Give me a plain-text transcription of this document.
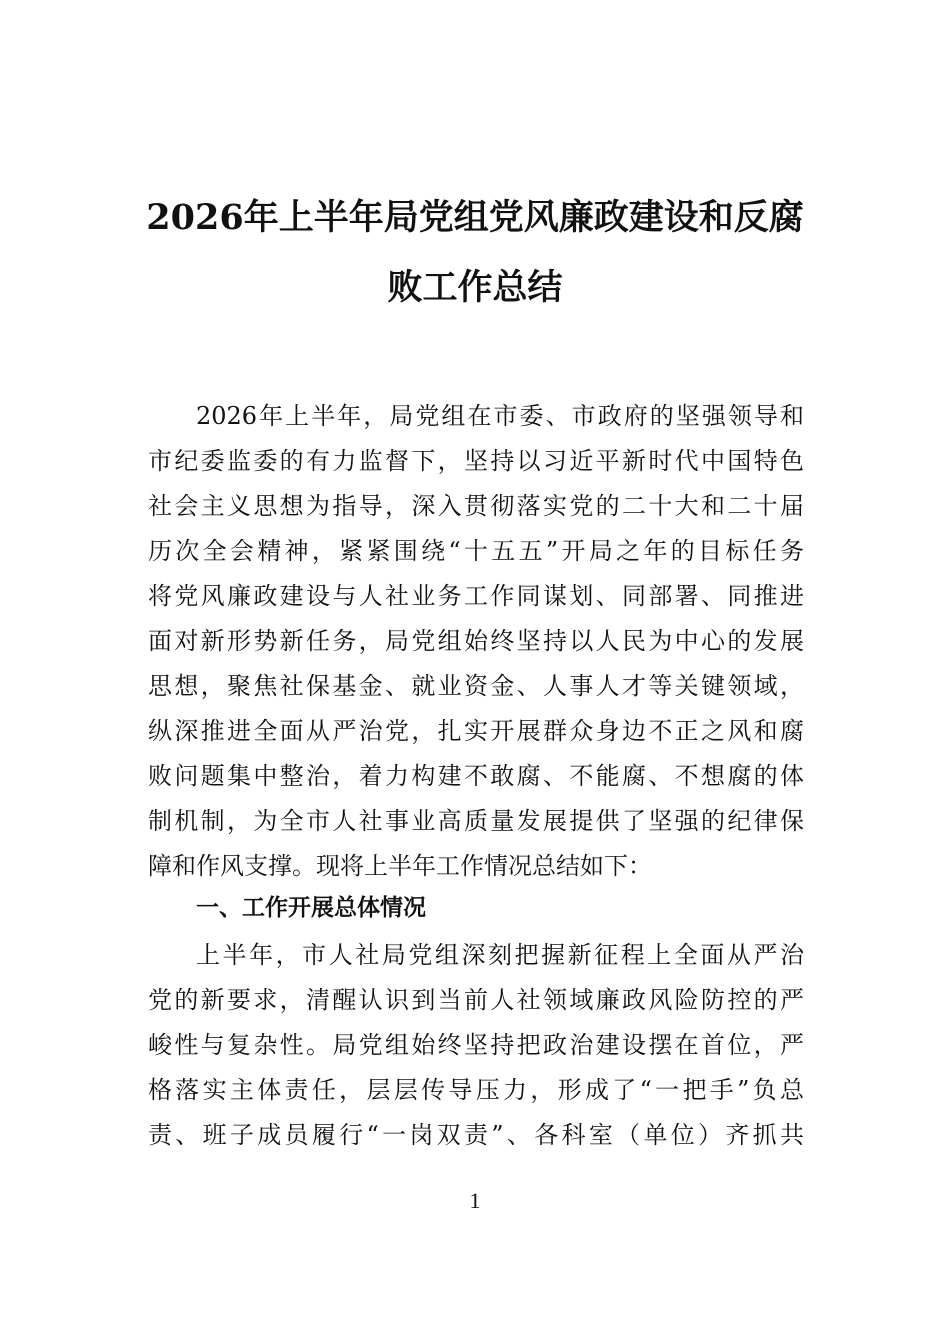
2026年上半年局党组党风廉政建设和反腐
败工作总结
2026年上半年，局党组在市委、市政府的坚强领导和
市纪委监委的有力监督下，坚持以习近平新时代中国特色
社会主义思想为指导，深入贯彻落实党的二十大和二十届
历次全会精神，紧紧围绕“十五五”开局之年的目标任务
将党风廉政建设与人社业务工作同谋划、同部署、同推进
面对新形势新任务，局党组始终坚持以人民为中心的发展
思想，聚焦社保基金、就业资金、人事人才等关键领域，
纵深推进全面从严治党，扎实开展群众身边不正之风和腐
败问题集中整治，着力构建不敢腐、不能腐、不想腐的体
制机制，为全市人社事业高质量发展提供了坚强的纪律保
障和作风支撑。现将上半年工作情况总结如下：
一、工作开展总体情况
上半年，市人社局党组深刻把握新征程上全面从严治
党的新要求，清醒认识到当前人社领域廉政风险防控的严
峻性与复杂性。局党组始终坚持把政治建设摆在首位，严
格落实主体责任，层层传导压力，形成了“一把手”负总
责、班子成员履行“一岗双责”、各科室（单位）齐抓共
1
